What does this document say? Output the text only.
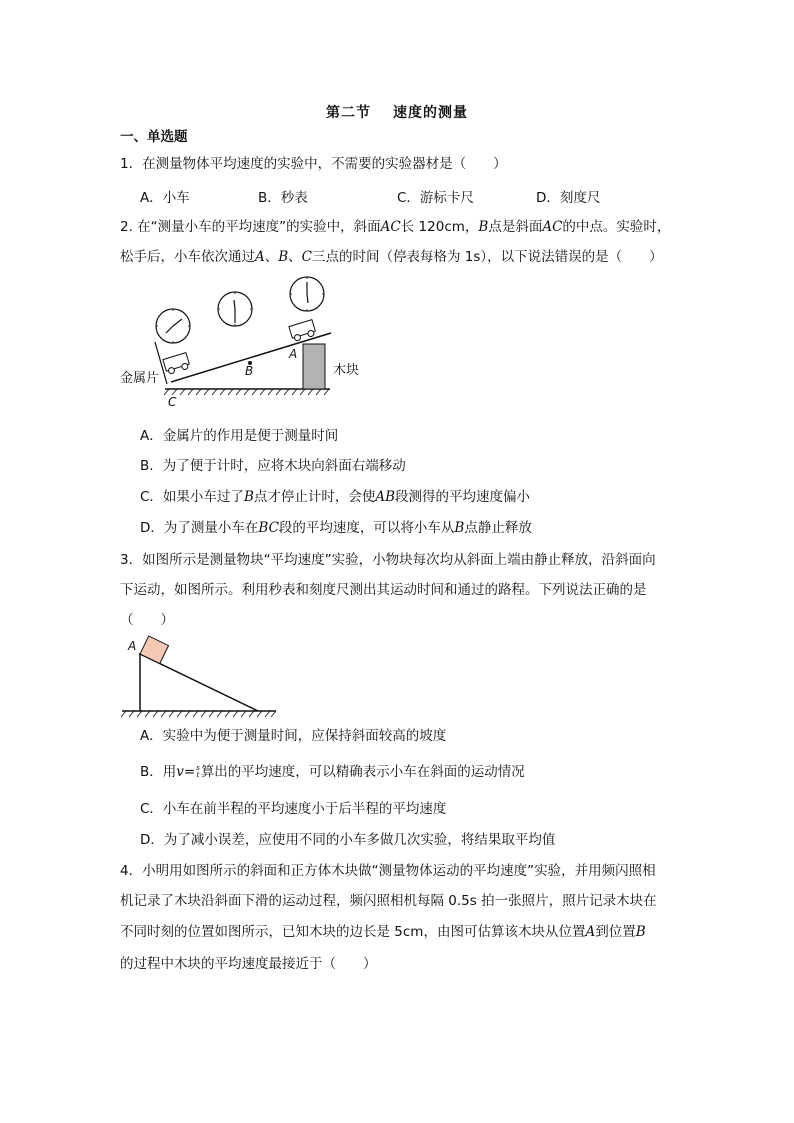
第二节 速度的测量
一、单选题
1．在测量物体平均速度的实验中，不需要的实验器材是（　　）
A．小车	B．秒表	C．游标卡尺	D．刻度尺
2. 在“测量小车的平均速度”的实验中，斜面AC长 120cm，B点是斜面AC的中点。实验时，
松手后，小车依次通过A、B、C三点的时间（停表每格为 1s），以下说法错误的是（　　）
金属片
木块
A
B
C
A．金属片的作用是便于测量时间
B．为了便于计时，应将木块向斜面右端移动
C．如果小车过了B点才停止计时，会使AB段测得的平均速度偏小
D．为了测量小车在BC段的平均速度，可以将小车从B点静止释放
3．如图所示是测量物块“平均速度”实验，小物块每次均从斜面上端由静止释放，沿斜面向
下运动，如图所示。利用秒表和刻度尺测出其运动时间和通过的路程。下列说法正确的是
（　　）
A
A．实验中为便于测量时间，应保持斜面较高的坡度
B．用v= s
t 算出的平均速度，可以精确表示小车在斜面的运动情况
C．小车在前半程的平均速度小于后半程的平均速度
D．为了减小误差，应使用不同的小车多做几次实验，将结果取平均值
4．小明用如图所示的斜面和正方体木块做“测量物体运动的平均速度”实验，并用频闪照相
机记录了木块沿斜面下滑的运动过程，频闪照相机每隔 0.5s 拍一张照片，照片记录木块在
不同时刻的位置如图所示，已知木块的边长是 5cm，由图可估算该木块从位置A到位置B
的过程中木块的平均速度最接近于（　　）
